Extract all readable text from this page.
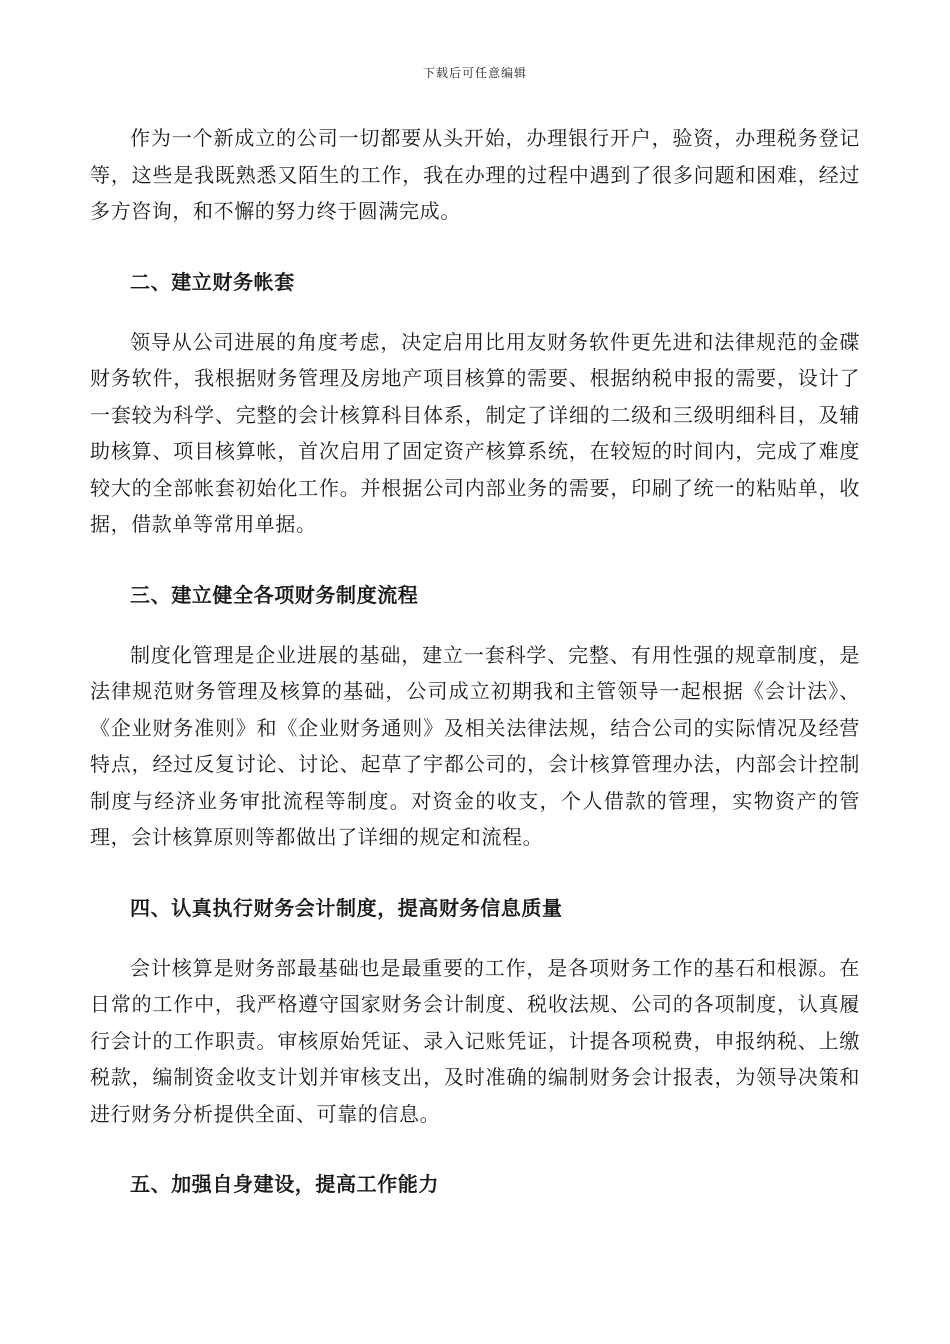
下载后可任意编辑

作为一个新成立的公司一切都要从头开始，办理银行开户，验资，办理税务登记等，这些是我既熟悉又陌生的工作，我在办理的过程中遇到了很多问题和困难，经过多方咨询，和不懈的努力终于圆满完成。

二、建立财务帐套

领导从公司进展的角度考虑，决定启用比用友财务软件更先进和法律规范的金碟财务软件，我根据财务管理及房地产项目核算的需要、根据纳税申报的需要，设计了一套较为科学、完整的会计核算科目体系，制定了详细的二级和三级明细科目，及辅助核算、项目核算帐，首次启用了固定资产核算系统，在较短的时间内，完成了难度较大的全部帐套初始化工作。并根据公司内部业务的需要，印刷了统一的粘贴单，收据，借款单等常用单据。

三、建立健全各项财务制度流程

制度化管理是企业进展的基础，建立一套科学、完整、有用性强的规章制度，是法律规范财务管理及核算的基础，公司成立初期我和主管领导一起根据《会计法》、《企业财务准则》和《企业财务通则》及相关法律法规，结合公司的实际情况及经营特点，经过反复讨论、讨论、起草了宇都公司的，会计核算管理办法，内部会计控制制度与经济业务审批流程等制度。对资金的收支，个人借款的管理，实物资产的管理，会计核算原则等都做出了详细的规定和流程。

四、认真执行财务会计制度，提高财务信息质量

会计核算是财务部最基础也是最重要的工作，是各项财务工作的基石和根源。在日常的工作中，我严格遵守国家财务会计制度、税收法规、公司的各项制度，认真履行会计的工作职责。审核原始凭证、录入记账凭证，计提各项税费，申报纳税、上缴税款，编制资金收支计划并审核支出，及时准确的编制财务会计报表，为领导决策和进行财务分析提供全面、可靠的信息。

五、加强自身建设，提高工作能力
